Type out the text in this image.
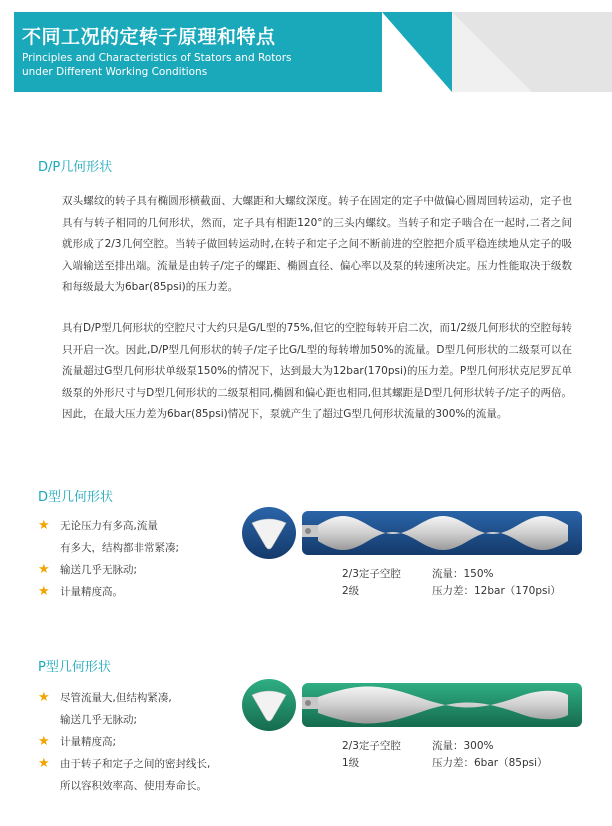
不同工况的定转子原理和特点
Principles and Characteristics of Stators and Rotors
under Different Working Conditions
D/P几何形状

双头螺纹的转子具有椭圆形横截面、大螺距和大螺纹深度。转子在固定的定子中做偏心圆周回转运动，定子也具有与转子相同的几何形状，然而，定子具有相距120°的三头内螺纹。当转子和定子啮合在一起时,二者之间就形成了2/3几何空腔。当转子做回转运动时,在转子和定子之间不断前进的空腔把介质平稳连续地从定子的吸入端输送至排出端。流量是由转子/定子的螺距、椭圆直径、偏心率以及泵的转速所决定。压力性能取决于级数和每级最大为6bar(85psi)的压力差。

具有D/P型几何形状的空腔尺寸大约只是G/L型的75%,但它的空腔每转开启二次，而1/2级几何形状的空腔每转只开启一次。因此,D/P型几何形状的转子/定子比G/L型的每转增加50%的流量。D型几何形状的二级泵可以在流量超过G型几何形状单级泵150%的情况下，达到最大为12bar(170psi)的压力差。P型几何形状克尼罗瓦单级泵的外形尺寸与D型几何形状的二级泵相同,椭圆和偏心距也相同,但其螺距是D型几何形状转子/定子的两倍。因此，在最大压力差为6bar(85psi)情况下，泵就产生了超过G型几何形状流量的300%的流量。

D型几何形状
★ 无论压力有多高,流量
有多大，结构都非常紧凑;
★ 输送几乎无脉动;
★ 计量精度高。
2/3定子空腔
2级
流量：150%
压力差：12bar（170psi）
P型几何形状
★ 尽管流量大,但结构紧凑,
输送几乎无脉动;
★ 计量精度高;
★ 由于转子和定子之间的密封线长,
所以容积效率高、使用寿命长。
2/3定子空腔
1级
流量：300%
压力差：6bar（85psi）
